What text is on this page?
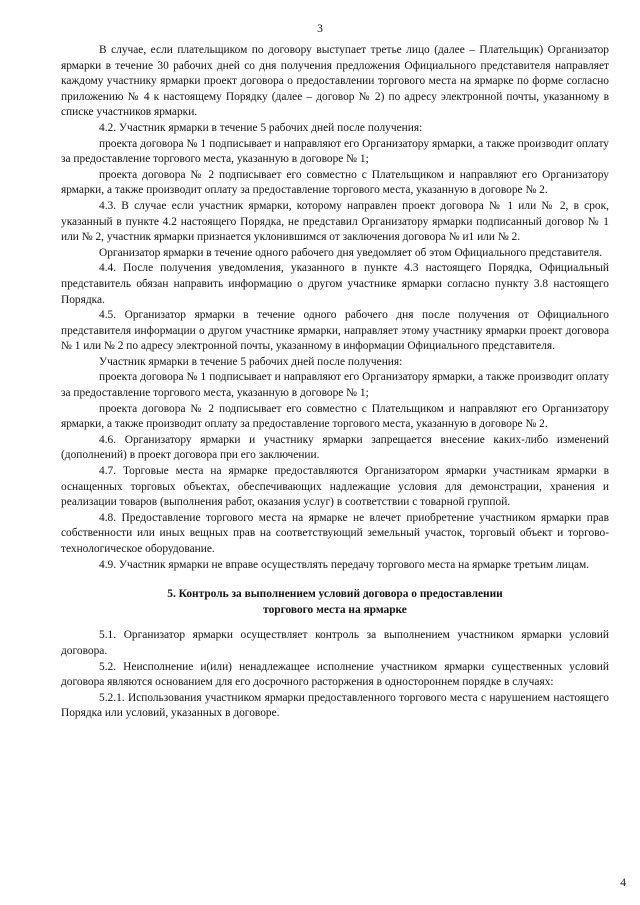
3

В случае, если плательщиком по договору выступает третье лицо (далее – Плательщик) Организатор ярмарки в течение 30 рабочих дней со дня получения предложения Официального представителя направляет каждому участнику ярмарки проект договора о предоставлении торгового места на ярмарке по форме согласно приложению № 4 к настоящему Порядку (далее – договор № 2) по адресу электронной почты, указанному в списке участников ярмарки.

4.2. Участник ярмарки в течение 5 рабочих дней после получения:

проекта договора № 1 подписывает и направляют его Организатору ярмарки, а также производит оплату за предоставление торгового места, указанную в договоре № 1;

проекта договора № 2 подписывает его совместно с Плательщиком и направляют его Организатору ярмарки, а также производит оплату за предоставление торгового места, указанную в договоре № 2.

4.3. В случае если участник ярмарки, которому направлен проект договора № 1 или № 2, в срок, указанный в пункте 4.2 настоящего Порядка, не представил Организатору ярмарки подписанный договор № 1 или № 2, участник ярмарки признается уклонившимся от заключения договора № и1 или № 2.

Организатор ярмарки в течение одного рабочего дня уведомляет об этом Официального представителя.

4.4. После получения уведомления, указанного в пункте 4.3 настоящего Порядка, Официальный представитель обязан направить информацию о другом участнике ярмарки согласно пункту 3.8 настоящего Порядка.

4.5. Организатор ярмарки в течение одного рабочего дня после получения от Официального представителя информации о другом участнике ярмарки, направляет этому участнику ярмарки проект договора № 1 или № 2 по адресу электронной почты, указанному в информации Официального представителя.

Участник ярмарки в течение 5 рабочих дней после получения:

проекта договора № 1 подписывает и направляют его Организатору ярмарки, а также производит оплату за предоставление торгового места, указанную в договоре № 1;

проекта договора № 2 подписывает его совместно с Плательщиком и направляют его Организатору ярмарки, а также производит оплату за предоставление торгового места, указанную в договоре № 2.

4.6. Организатору ярмарки и участнику ярмарки запрещается внесение каких-либо изменений (дополнений) в проект договора при его заключении.

4.7. Торговые места на ярмарке предоставляются Организатором ярмарки участникам ярмарки в оснащенных торговых объектах, обеспечивающих надлежащие условия для демонстрации, хранения и реализации товаров (выполнения работ, оказания услуг) в соответствии с товарной группой.

4.8. Предоставление торгового места на ярмарке не влечет приобретение участником ярмарки прав собственности или иных вещных прав на соответствующий земельный участок, торговый объект и торгово-технологическое оборудование.

4.9. Участник ярмарки не вправе осуществлять передачу торгового места на ярмарке третьим лицам.

5. Контроль за выполнением условий договора о предоставлении
торгового места на ярмарке

5.1. Организатор ярмарки осуществляет контроль за выполнением участником ярмарки условий договора.

5.2. Неисполнение и(или) ненадлежащее исполнение участником ярмарки существенных условий договора являются основанием для его досрочного расторжения в одностороннем порядке в случаях:

5.2.1. Использования участником ярмарки предоставленного торгового места с нарушением настоящего Порядка или условий, указанных в договоре.

4
